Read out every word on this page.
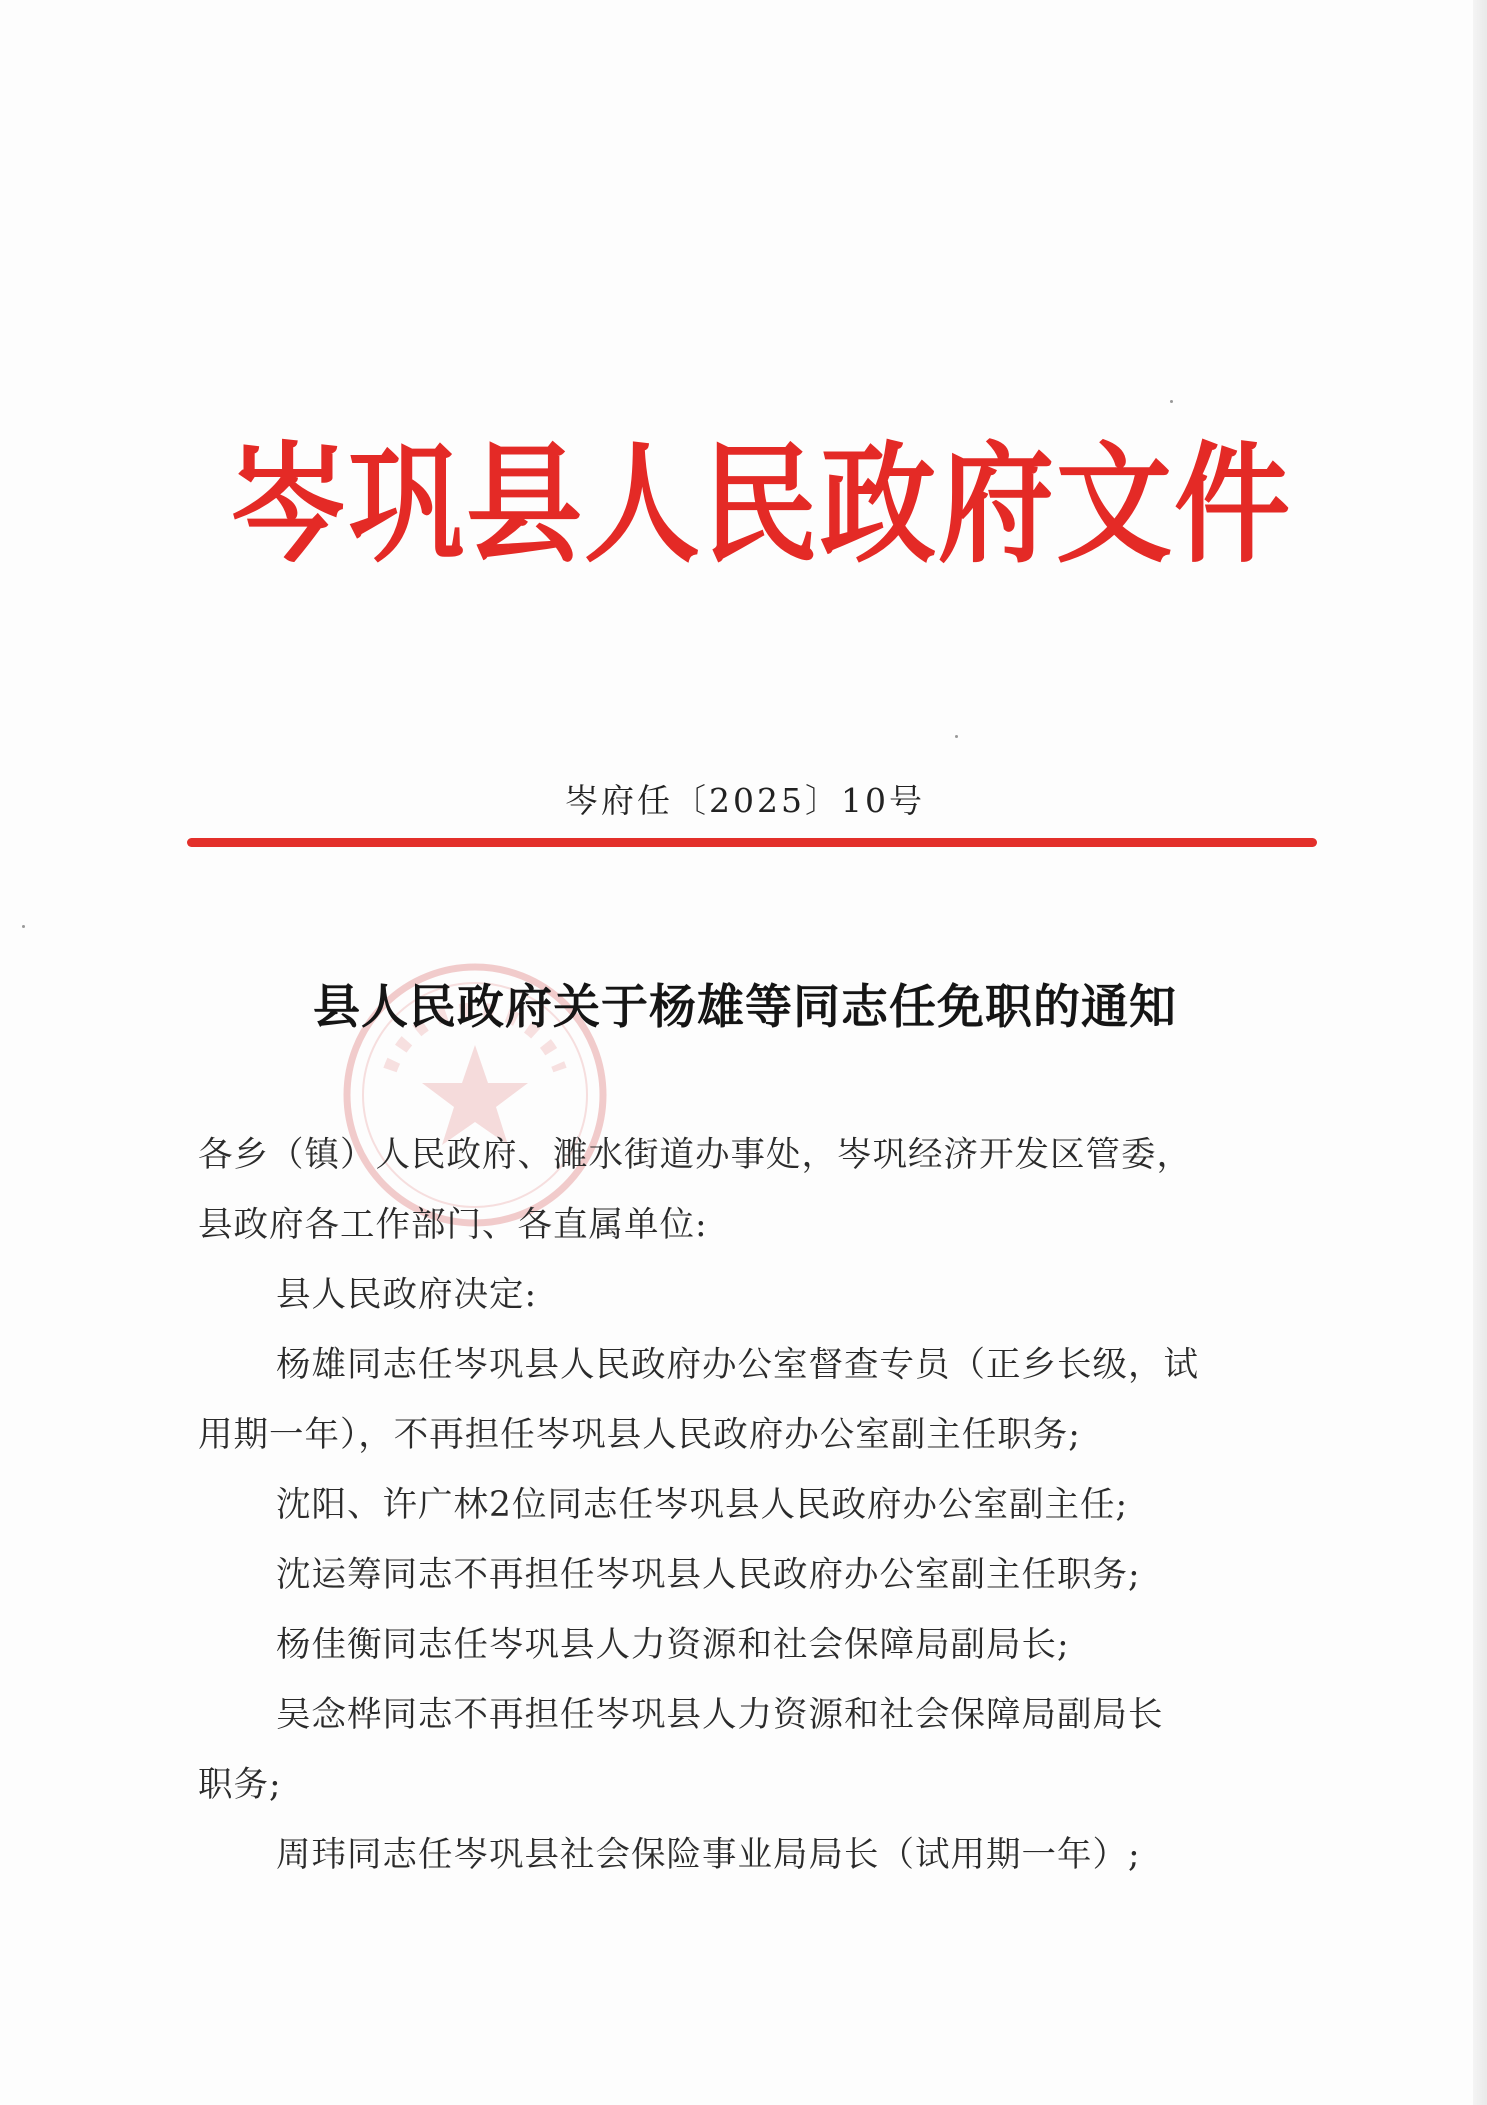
岑巩县人民政府文件
岑府任〔2025〕10号
县人民政府关于杨雄等同志任免职的通知

各乡（镇）人民政府、濉水街道办事处，岑巩经济开发区管委，

县政府各工作部门、各直属单位:

县人民政府决定:

杨雄同志任岑巩县人民政府办公室督查专员（正乡长级，试

用期一年），不再担任岑巩县人民政府办公室副主任职务;

沈阳、许广林2位同志任岑巩县人民政府办公室副主任;

沈运筹同志不再担任岑巩县人民政府办公室副主任职务;

杨佳衡同志任岑巩县人力资源和社会保障局副局长;

吴念桦同志不再担任岑巩县人力资源和社会保障局副局长

职务;

周玮同志任岑巩县社会保险事业局局长（试用期一年）;
